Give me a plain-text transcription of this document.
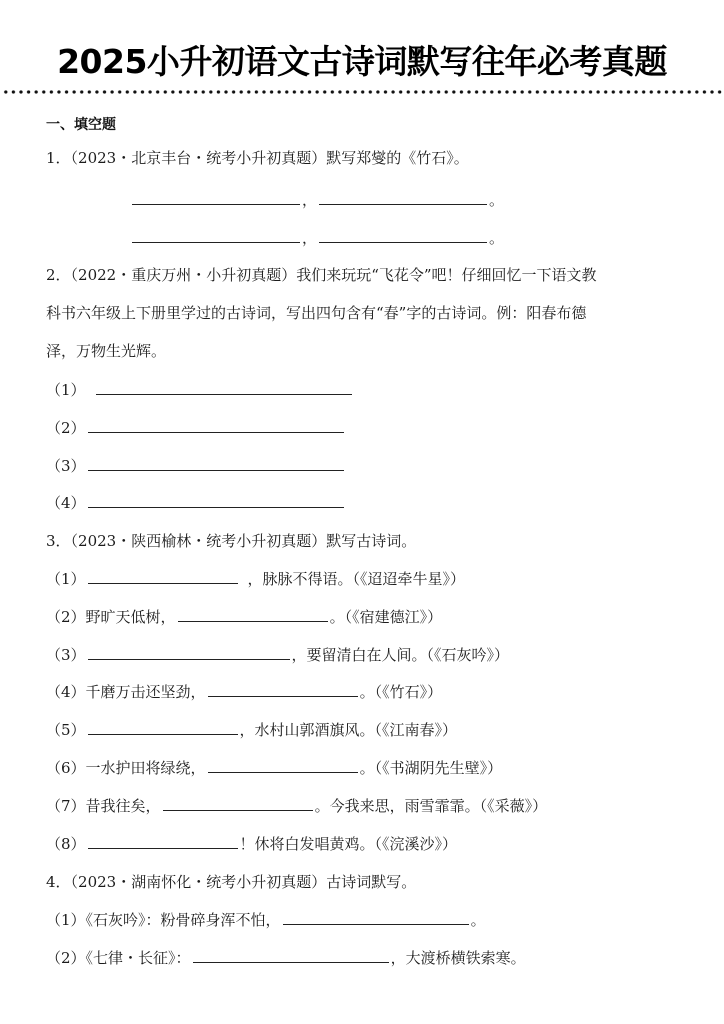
2025小升初语文古诗词默写往年必考真题
一、填空题
1．（2023・北京丰台・统考小升初真题）默写郑燮的《竹石》。
，	。
，	。
2．（2022・重庆万州・小升初真题）我们来玩玩“飞花令”吧！仔细回忆一下语文教
科书六年级上下册里学过的古诗词，写出四句含有“春”字的古诗词。例：阳春布德
泽，万物生光辉。
（1）
（2）
（3）
（4）
3．（2023・陕西榆林・统考小升初真题）默写古诗词。
（1）	，脉脉不得语。（《迢迢牵牛星》）
（2）野旷天低树，	。（《宿建德江》）
（3）	，要留清白在人间。（《石灰吟》）
（4）千磨万击还坚劲，	。（《竹石》）
（5）	，水村山郭酒旗风。（《江南春》）
（6）一水护田将绿绕，	。（《书湖阴先生壁》）
（7）昔我往矣，	。今我来思，雨雪霏霏。（《采薇》）
（8）	！休将白发唱黄鸡。（《浣溪沙》）
4．（2023・湖南怀化・统考小升初真题）古诗词默写。
（1）《石灰吟》：粉骨碎身浑不怕，	。
（2）《七律・长征》：	，大渡桥横铁索寒。
